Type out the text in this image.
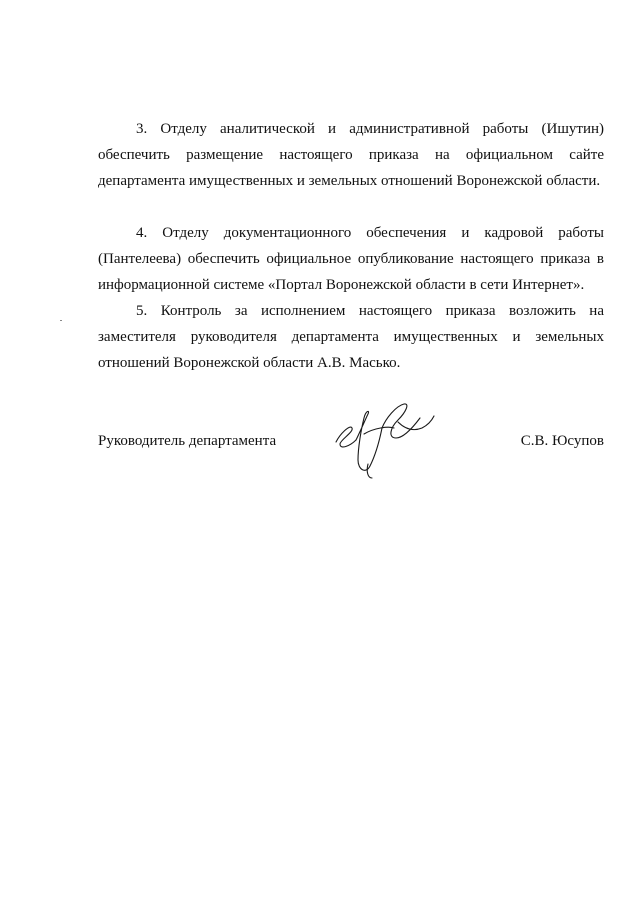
3. Отделу аналитической и административной работы (Ишутин) обеспечить размещение настоящего приказа на официальном сайте департамента имущественных и земельных отношений Воронежской области.

4. Отделу документационного обеспечения и кадровой работы (Пантелеева) обеспечить официальное опубликование настоящего приказа в информационной системе «Портал Воронежской области в сети Интернет».

5. Контроль за исполнением настоящего приказа возложить на заместителя руководителя департамента имущественных и земельных отношений Воронежской области А.В. Масько.

Руководитель департамента	С.В. Юсупов
